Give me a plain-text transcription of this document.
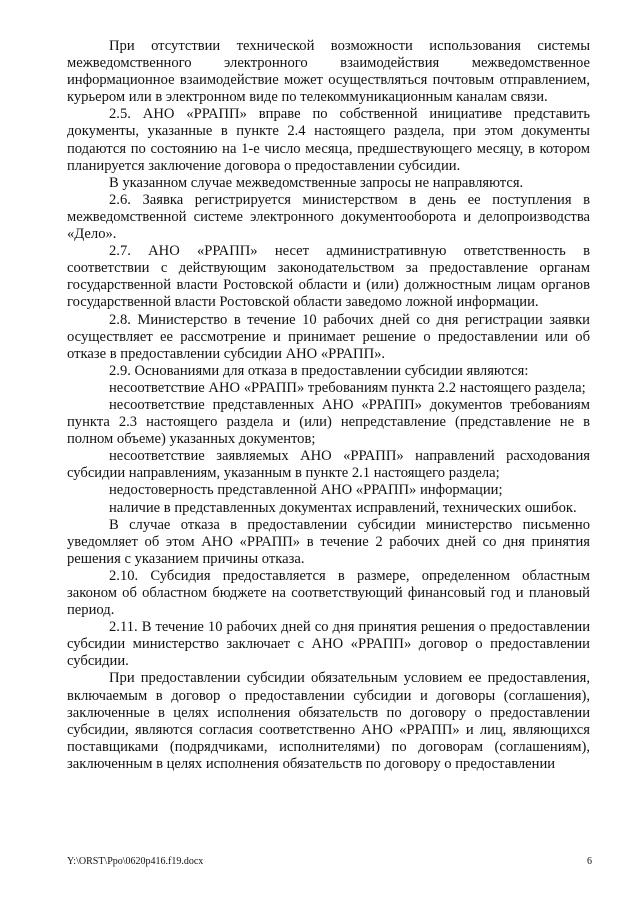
При отсутствии технической возможности использования системы межведомственного электронного взаимодействия межведомственное информационное взаимодействие может осуществляться почтовым отправлением, курьером или в электронном виде по телекоммуникационным каналам связи.

2.5. АНО «РРАПП» вправе по собственной инициативе представить документы, указанные в пункте 2.4 настоящего раздела, при этом документы подаются по состоянию на 1-е число месяца, предшествующего месяцу, в котором планируется заключение договора о предоставлении субсидии.

В указанном случае межведомственные запросы не направляются.

2.6. Заявка регистрируется министерством в день ее поступления в межведомственной системе электронного документооборота и делопроизводства «Дело».

2.7. АНО «РРАПП» несет административную ответственность в соответствии с действующим законодательством за предоставление органам государственной власти Ростовской области и (или) должностным лицам органов государственной власти Ростовской области заведомо ложной информации.

2.8. Министерство в течение 10 рабочих дней со дня регистрации заявки осуществляет ее рассмотрение и принимает решение о предоставлении или об отказе в предоставлении субсидии АНО «РРАПП».

2.9. Основаниями для отказа в предоставлении субсидии являются:

несоответствие АНО «РРАПП» требованиям пункта 2.2 настоящего раздела;

несоответствие представленных АНО «РРАПП» документов требованиям пункта 2.3 настоящего раздела и (или) непредставление (представление не в полном объеме) указанных документов;

несоответствие заявляемых АНО «РРАПП» направлений расходования субсидии направлениям, указанным в пункте 2.1 настоящего раздела;

недостоверность представленной АНО «РРАПП» информации;

наличие в представленных документах исправлений, технических ошибок.

В случае отказа в предоставлении субсидии министерство письменно уведомляет об этом АНО «РРАПП» в течение 2 рабочих дней со дня принятия решения с указанием причины отказа.

2.10. Субсидия предоставляется в размере, определенном областным законом об областном бюджете на соответствующий финансовый год и плановый период.

2.11. В течение 10 рабочих дней со дня принятия решения о предоставлении субсидии министерство заключает с АНО «РРАПП» договор о предоставлении субсидии.

При предоставлении субсидии обязательным условием ее предоставления, включаемым в договор о предоставлении субсидии и договоры (соглашения), заключенные в целях исполнения обязательств по договору о предоставлении субсидии, являются согласия соответственно АНО «РРАПП» и лиц, являющихся поставщиками (подрядчиками, исполнителями) по договорам (соглашениям), заключенным в целях исполнения обязательств по договору о предоставлении

Y:\ORST\Ppo\0620p416.f19.docx	6
